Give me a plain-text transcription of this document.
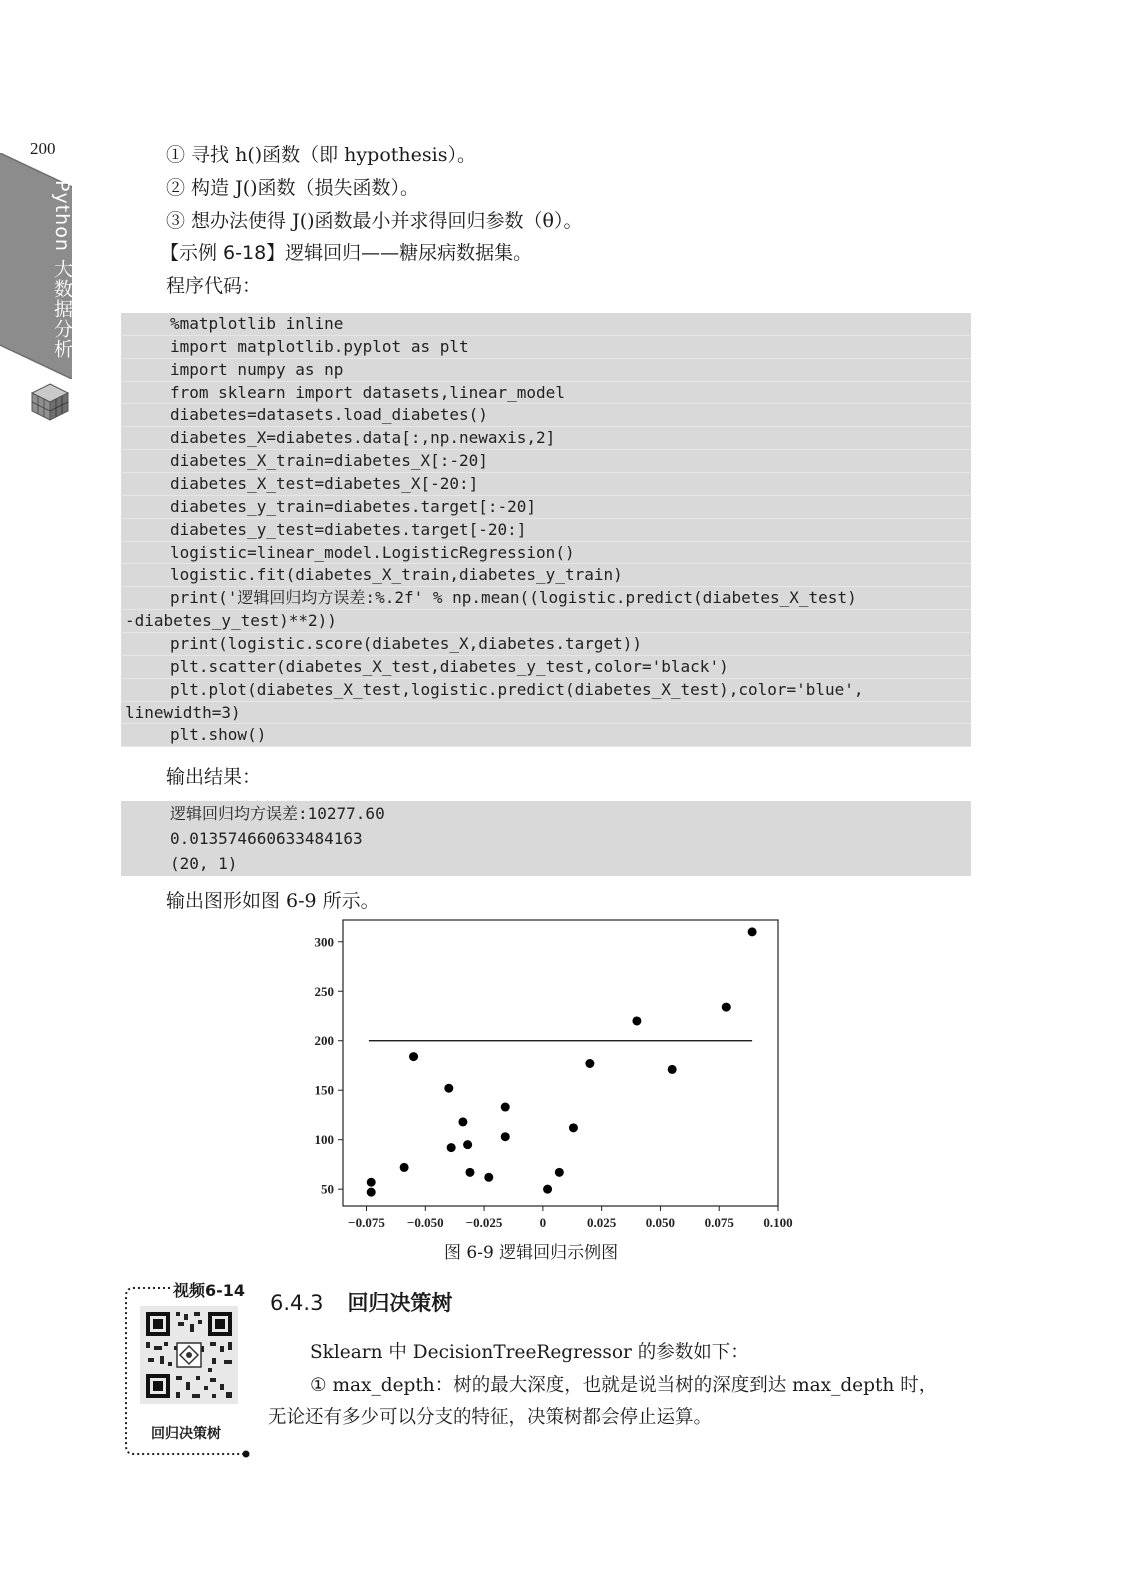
200
Python 大数据分析
① 寻找 h()函数（即 hypothesis）。
② 构造 J()函数（损失函数）。
③ 想办法使得 J()函数最小并求得回归参数（θ）。
【示例 6-18】逻辑回归——糖尿病数据集。
程序代码：
%matplotlib inline
import matplotlib.pyplot as plt
import numpy as np
from sklearn import datasets,linear_model
diabetes=datasets.load_diabetes()
diabetes_X=diabetes.data[:,np.newaxis,2]
diabetes_X_train=diabetes_X[:-20]
diabetes_X_test=diabetes_X[-20:]
diabetes_y_train=diabetes.target[:-20]
diabetes_y_test=diabetes.target[-20:]
logistic=linear_model.LogisticRegression()
logistic.fit(diabetes_X_train,diabetes_y_train)
print('逻辑回归均方误差:%.2f' % np.mean((logistic.predict(diabetes_X_test)
-diabetes_y_test)**2))
print(logistic.score(diabetes_X,diabetes.target))
plt.scatter(diabetes_X_test,diabetes_y_test,color='black')
plt.plot(diabetes_X_test,logistic.predict(diabetes_X_test),color='blue',
linewidth=3)
plt.show()
输出结果：
逻辑回归均方误差:10277.60
0.013574660633484163
(20, 1)
输出图形如图 6-9 所示。
−0.075 −0.050 −0.025	0	0.025 0.050 0.075 0.100
50
100
150
200
250
300
图 6-9 逻辑回归示例图
视频6-14
回归决策树
6.4.3 回归决策树
Sklearn 中 DecisionTreeRegressor 的参数如下：
① max_depth：树的最大深度，也就是说当树的深度到达 max_depth 时，
无论还有多少可以分支的特征，决策树都会停止运算。
